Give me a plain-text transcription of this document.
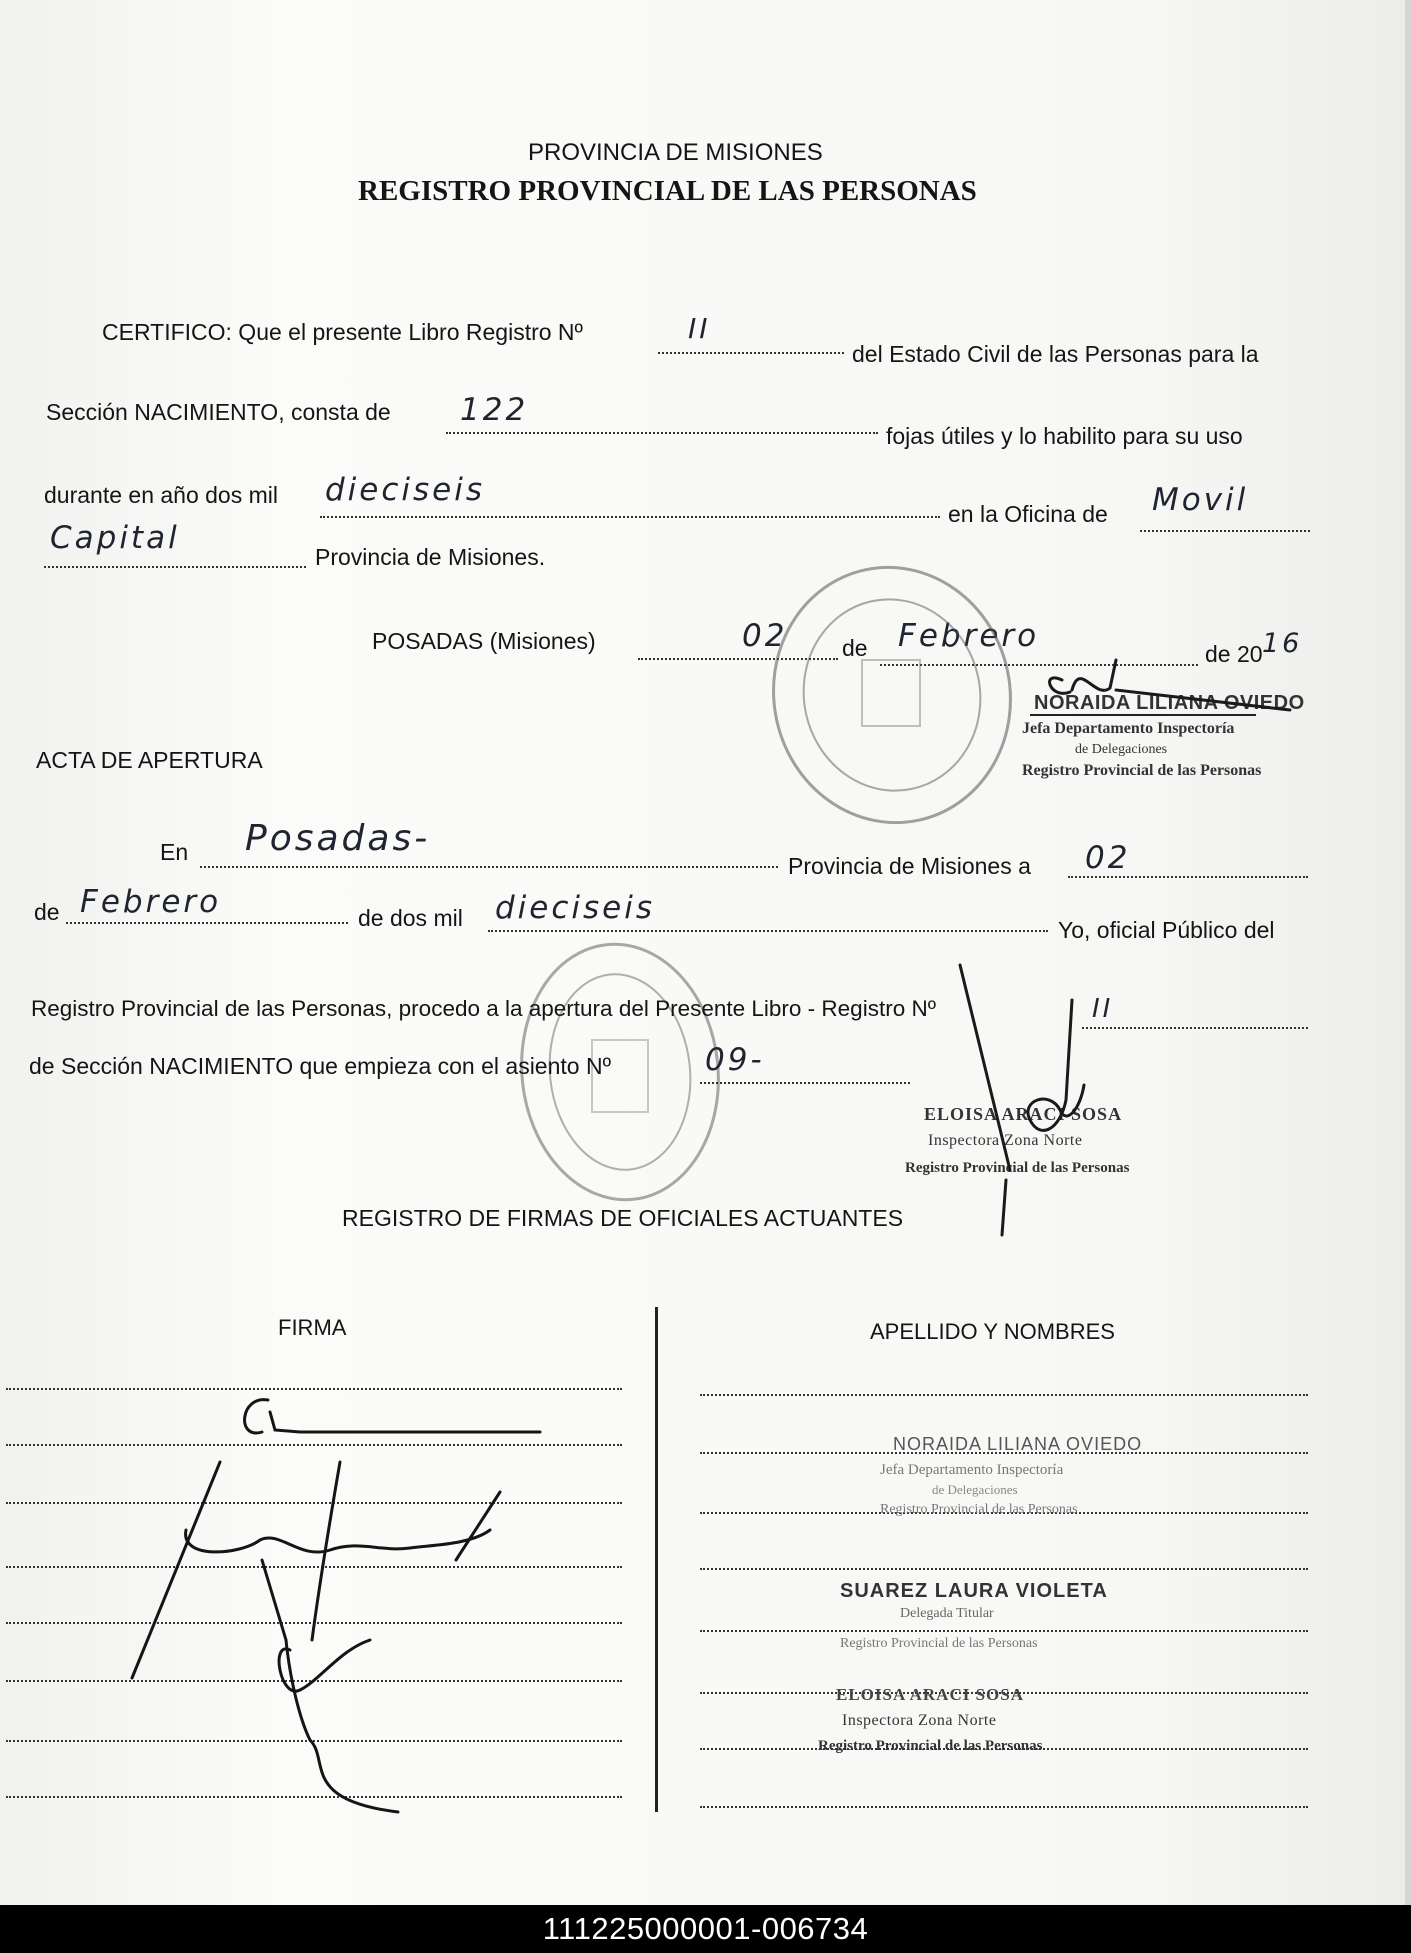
PROVINCIA DE MISIONES
REGISTRO PROVINCIAL DE LAS PERSONAS
CERTIFICO: Que el presente Libro Registro Nº	II
del Estado Civil de las Personas para la
Sección NACIMIENTO, consta de 122
fojas útiles y lo habilito para su uso
durante en año dos mil dieciseis
en la Oficina de Movil
Capital
Provincia de Misiones.
POSADAS (Misiones)	02 de Febrero	de 20 16
NORAIDA LILIANA OVIEDO
Jefa Departamento Inspectoría
de Delegaciones
Registro Provincial de las Personas
ACTA DE APERTURA
En Posadas-
Provincia de Misiones a 02
de Febrero	de dos mil dieciseis
Yo, oficial Público del
Registro Provincial de las Personas, procedo a la apertura del Presente Libro - Registro Nº	II
de Sección NACIMIENTO que empieza con el asiento Nº	09-
ELOISA ARACI SOSA
Inspectora Zona Norte
Registro Provincial de las Personas
REGISTRO DE FIRMAS DE OFICIALES ACTUANTES
FIRMA	APELLIDO Y NOMBRES
NORAIDA LILIANA OVIEDO
Jefa Departamento Inspectoría
de Delegaciones
Registro Provincial de las Personas
SUAREZ LAURA VIOLETA
Delegada Titular
Registro Provincial de las Personas
ELOISA ARACI SOSA
Inspectora Zona Norte
Registro Provincial de las Personas
111225000001-006734
